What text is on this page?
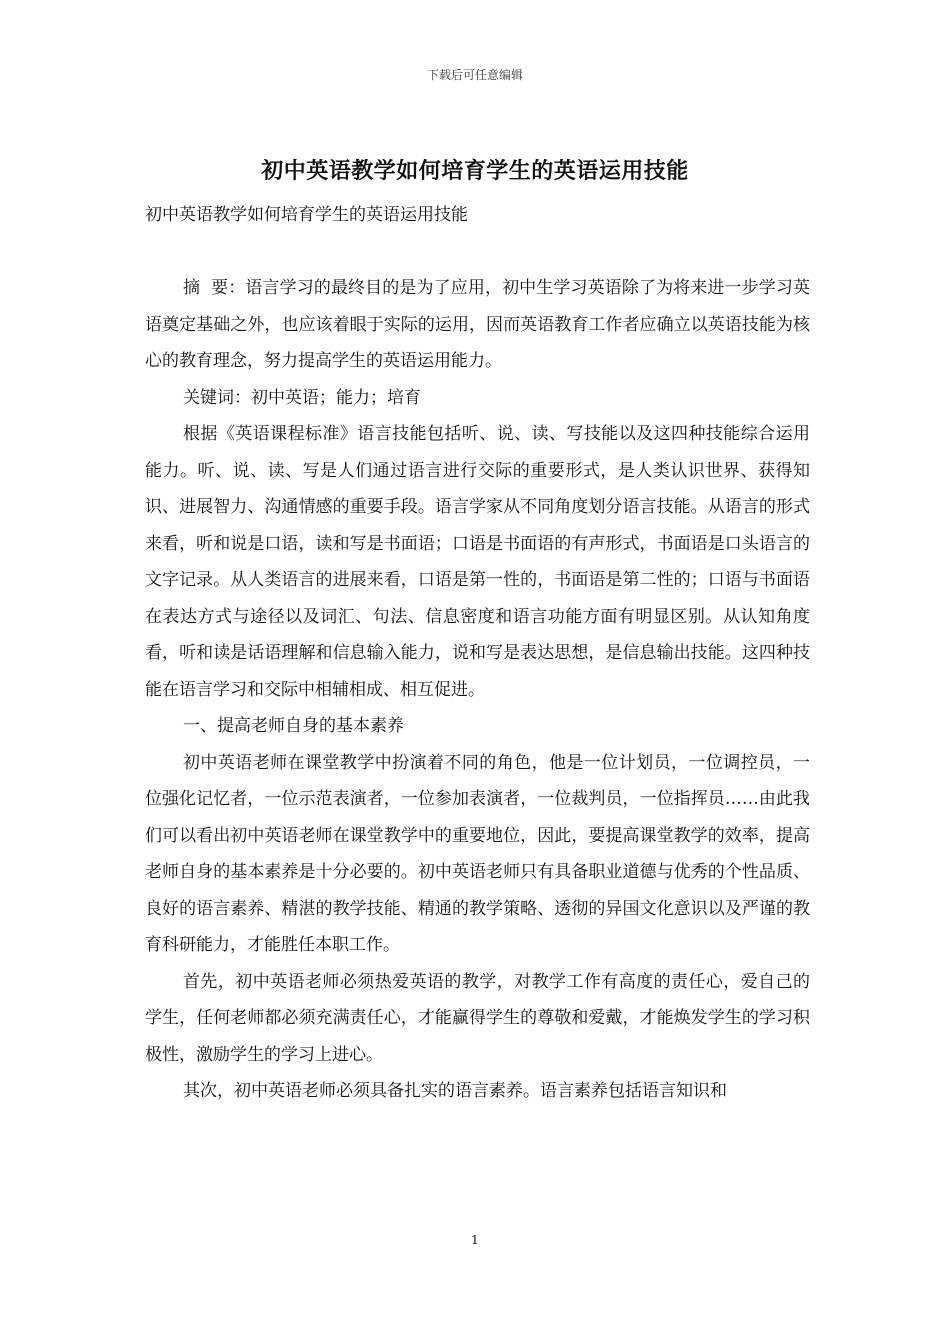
下载后可任意编辑
初中英语教学如何培育学生的英语运用技能
初中英语教学如何培育学生的英语运用技能

摘  要：语言学习的最终目的是为了应用，初中生学习英语除了为将来进一步学习英语奠定基础之外，也应该着眼于实际的运用，因而英语教育工作者应确立以英语技能为核心的教育理念，努力提高学生的英语运用能力。

关键词：初中英语；能力；培育

根据《英语课程标准》语言技能包括听、说、读、写技能以及这四种技能综合运用能力。听、说、读、写是人们通过语言进行交际的重要形式，是人类认识世界、获得知识、进展智力、沟通情感的重要手段。语言学家从不同角度划分语言技能。从语言的形式来看，听和说是口语，读和写是书面语；口语是书面语的有声形式，书面语是口头语言的文字记录。从人类语言的进展来看，口语是第一性的，书面语是第二性的；口语与书面语在表达方式与途径以及词汇、句法、信息密度和语言功能方面有明显区别。从认知角度看，听和读是话语理解和信息输入能力，说和写是表达思想，是信息输出技能。这四种技能在语言学习和交际中相辅相成、相互促进。

一、提高老师自身的基本素养

初中英语老师在课堂教学中扮演着不同的角色，他是一位计划员，一位调控员，一位强化记忆者，一位示范表演者，一位参加表演者，一位裁判员，一位指挥员……由此我们可以看出初中英语老师在课堂教学中的重要地位，因此，要提高课堂教学的效率，提高老师自身的基本素养是十分必要的。初中英语老师只有具备职业道德与优秀的个性品质、良好的语言素养、精湛的教学技能、精通的教学策略、透彻的异国文化意识以及严谨的教育科研能力，才能胜任本职工作。

首先，初中英语老师必须热爱英语的教学，对教学工作有高度的责任心，爱自己的学生，任何老师都必须充满责任心，才能赢得学生的尊敬和爱戴，才能焕发学生的学习积极性，激励学生的学习上进心。

其次，初中英语老师必须具备扎实的语言素养。语言素养包括语言知识和

1
